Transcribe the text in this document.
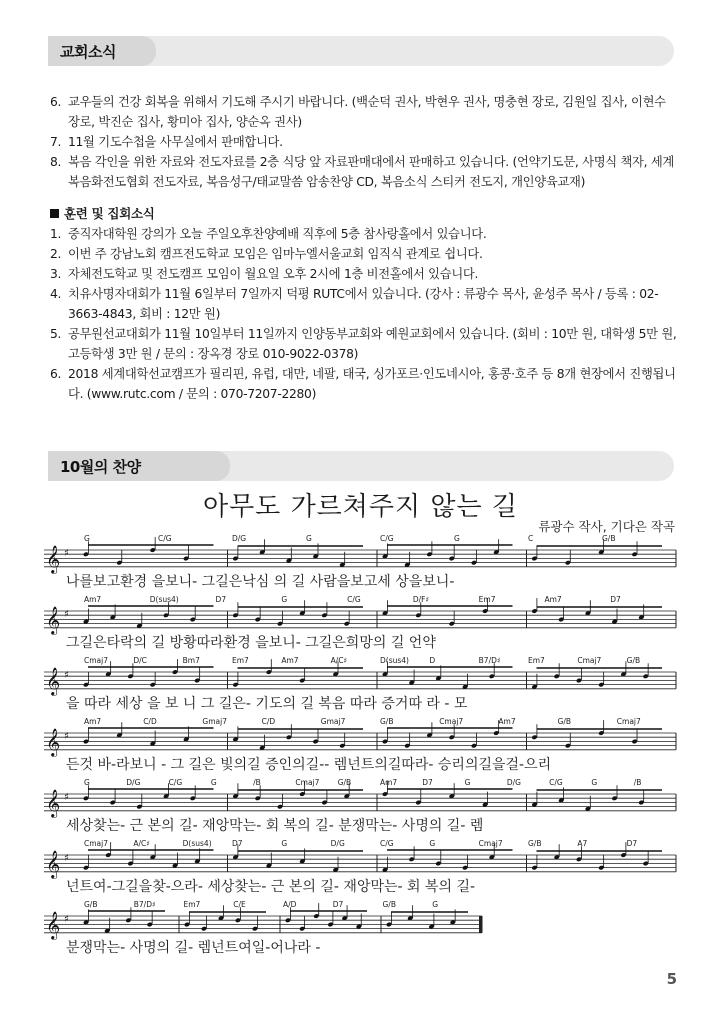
교회소식
6. 교우들의 건강 회복을 위해서 기도해 주시기 바랍니다. (백순덕 권사, 박현우 권사, 명충현 장로, 김원일 집사, 이현수 장로, 박진순 집사, 황미아 집사, 양순옥 권사)
7. 11월 기도수첩을 사무실에서 판매합니다.
8. 복음 각인을 위한 자료와 전도자료를 2층 식당 앞 자료판매대에서 판매하고 있습니다. (언약기도문, 사명식 책자, 세계복음화전도협회 전도자료, 복음성구/태교말씀 암송찬양 CD, 복음소식 스티커 전도지, 개인양육교재)
훈련 및 집회소식
1. 중직자대학원 강의가 오늘 주일오후찬양예배 직후에 5층 참사랑홀에서 있습니다.
2. 이번 주 강남노회 캠프전도학교 모임은 임마누엘서울교회 임직식 관계로 쉽니다.
3. 자체전도학교 및 전도캠프 모임이 월요일 오후 2시에 1층 비전홀에서 있습니다.
4. 치유사명자대회가 11월 6일부터 7일까지 덕평 RUTC에서 있습니다. (강사 : 류광수 목사, 윤성주 목사 / 등록 : 02-3663-4843, 회비 : 12만 원)
5. 공무원선교대회가 11월 10일부터 11일까지 인양동부교회와 예원교회에서 있습니다. (회비 : 10만 원, 대학생 5만 원, 고등학생 3만 원 / 문의 : 장옥경 장로 010-9022-0378)
6. 2018 세계대학선교캠프가 필리핀, 유럽, 대만, 네팔, 태국, 싱가포르·인도네시아, 홍콩·호주 등 8개 현장에서 진행됩니다. (www.rutc.com / 문의 : 070-7207-2280)
10월의 찬양
아무도 가르쳐주지 않는 길
류광수 작사, 기다은 작곡
𝄞 ♯
G	C/G	D/G	G	C/G	G	C	G/B
나를보고환경 을보니- 그길은낙심 의 길 사람을보고세 상을보니-
𝄞 ♯
Am7	D(sus4)	D7	G	C/G	D/F♯	Em7	Am7	D7
그길은타락의 길 방황따라환경 을보니- 그길은희망의 길 언약
𝄞 ♯
Cmaj7	D/C	Bm7	Em7	Am7	A/C♯	D(sus4)	D	B7/D♯	Em7	Cmaj7	G/B
을 따라 세상 을 보 니 그 길은- 기도의 길 복음 따라 증거따 라 - 모
𝄞 ♯
Am7	C/D	Gmaj7	C/D	Gmaj7	G/B	Cmaj7	Am7	G/B	Cmaj7
든것 바-라보니 - 그 길은 빛의길 증인의길-- 렘넌트의길따라- 승리의길을걸-으리
𝄞 ♯
G	D/G	C/G	G	/B	Cmaj7 G/B	Am7	D7	G	D/G	C/G	G	/B
세상찾는- 근 본의 길- 재앙막는- 회 복의 길- 분쟁막는- 사명의 길- 렘
𝄞 ♯
Cmaj7	A/C♯	D(sus4)	D7	G	D/G	C/G	G	Cmaj7	G/B	A7	D7
넌트여-그길을찾-으라- 세상찾는- 근 본의 길- 재앙막는- 회 복의 길-
𝄞 ♯
G/B	B7/D♯	Em7	C/E	A/D	D7	G/B	G
분쟁막는- 사명의 길- 렘넌트여일-어나라 -
5
